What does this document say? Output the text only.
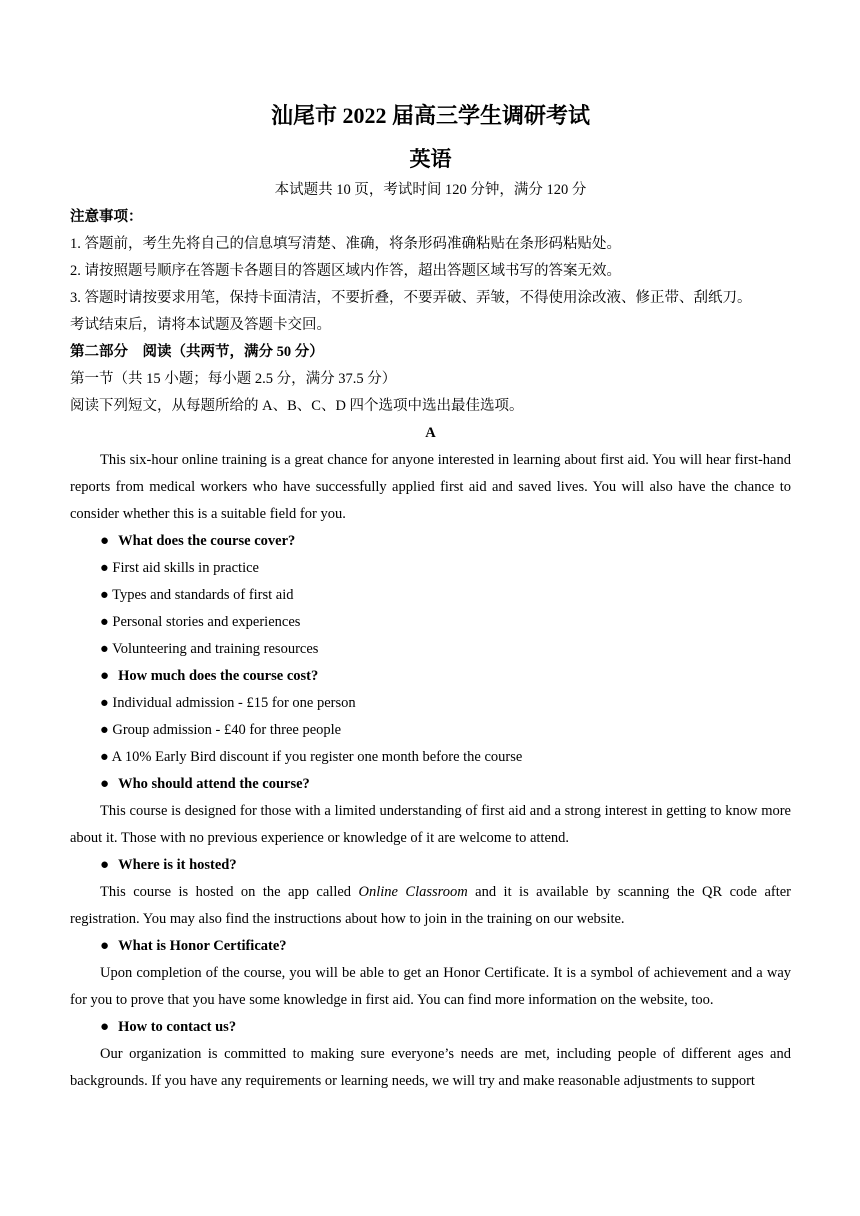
汕尾市 2022 届高三学生调研考试

英语

本试题共 10 页，考试时间 120 分钟，满分 120 分

注意事项：

1. 答题前，考生先将自己的信息填写清楚、准确，将条形码准确粘贴在条形码粘贴处。

2. 请按照题号顺序在答题卡各题目的答题区域内作答，超出答题区域书写的答案无效。

3. 答题时请按要求用笔，保持卡面清洁，不要折叠，不要弄破、弄皱，不得使用涂改液、修正带、刮纸刀。

考试结束后，请将本试题及答题卡交回。

第二部分　阅读（共两节，满分 50 分）

第一节（共 15 小题；每小题 2.5 分，满分 37.5 分）

阅读下列短文，从每题所给的 A、B、C、D 四个选项中选出最佳选项。

A

This six-hour online training is a great chance for anyone interested in learning about first aid. You will hear first-hand reports from medical workers who have successfully applied first aid and saved lives. You will also have the chance to consider whether this is a suitable field for you.

● What does the course cover?

● First aid skills in practice

● Types and standards of first aid

● Personal stories and experiences

● Volunteering and training resources

● How much does the course cost?

● Individual admission - £15 for one person

● Group admission - £40 for three people

● A 10% Early Bird discount if you register one month before the course

● Who should attend the course?

This course is designed for those with a limited understanding of first aid and a strong interest in getting to know more about it. Those with no previous experience or knowledge of it are welcome to attend.

● Where is it hosted?

This course is hosted on the app called Online Classroom and it is available by scanning the QR code after registration. You may also find the instructions about how to join in the training on our website.

● What is Honor Certificate?

Upon completion of the course, you will be able to get an Honor Certificate. It is a symbol of achievement and a way for you to prove that you have some knowledge in first aid. You can find more information on the website, too.

● How to contact us?

Our organization is committed to making sure everyone’s needs are met, including people of different ages and backgrounds. If you have any requirements or learning needs, we will try and make reasonable adjustments to support
